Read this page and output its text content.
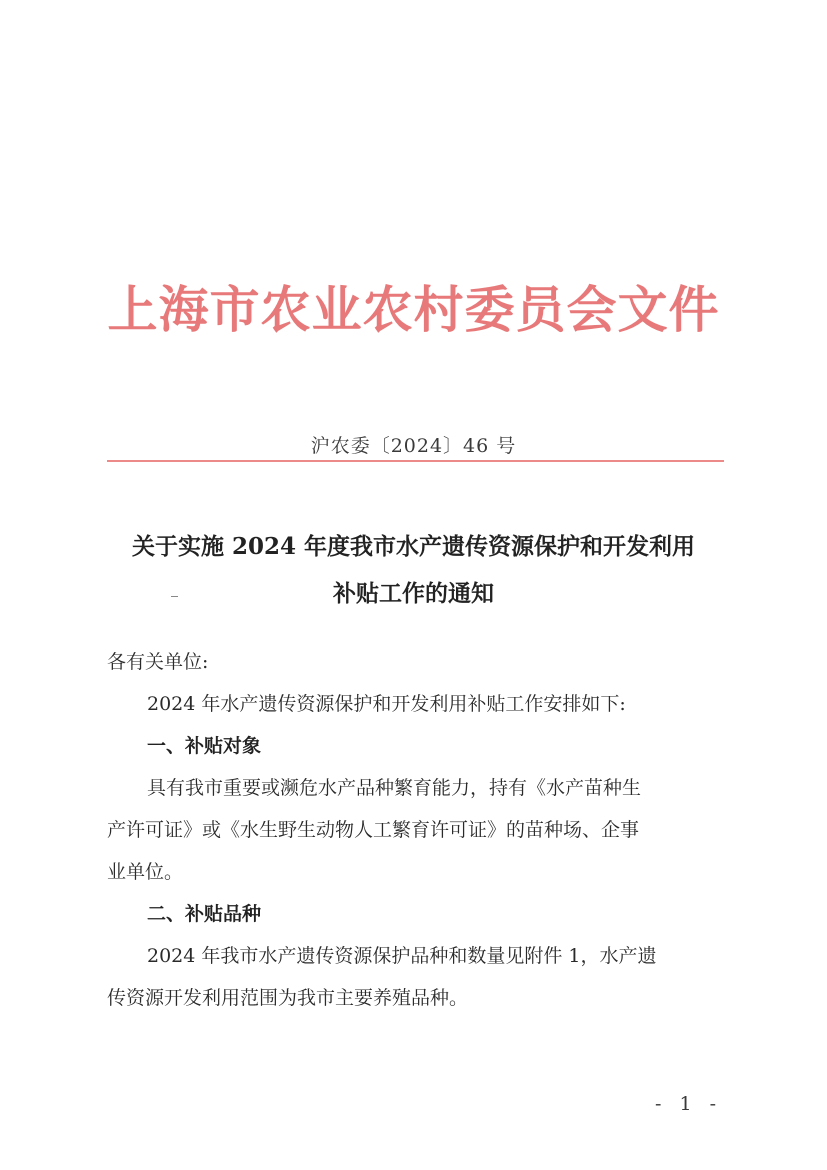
上海市农业农村委员会文件
沪农委〔2024〕46 号
关于实施 2024 年度我市水产遗传资源保护和开发利用
补贴工作的通知
各有关单位:
2024 年水产遗传资源保护和开发利用补贴工作安排如下:
一、补贴对象
具有我市重要或濒危水产品种繁育能力，持有《水产苗种生
产许可证》或《水生野生动物人工繁育许可证》的苗种场、企事
业单位。
二、补贴品种
2024 年我市水产遗传资源保护品种和数量见附件 1，水产遗
传资源开发利用范围为我市主要养殖品种。
- 1 -
